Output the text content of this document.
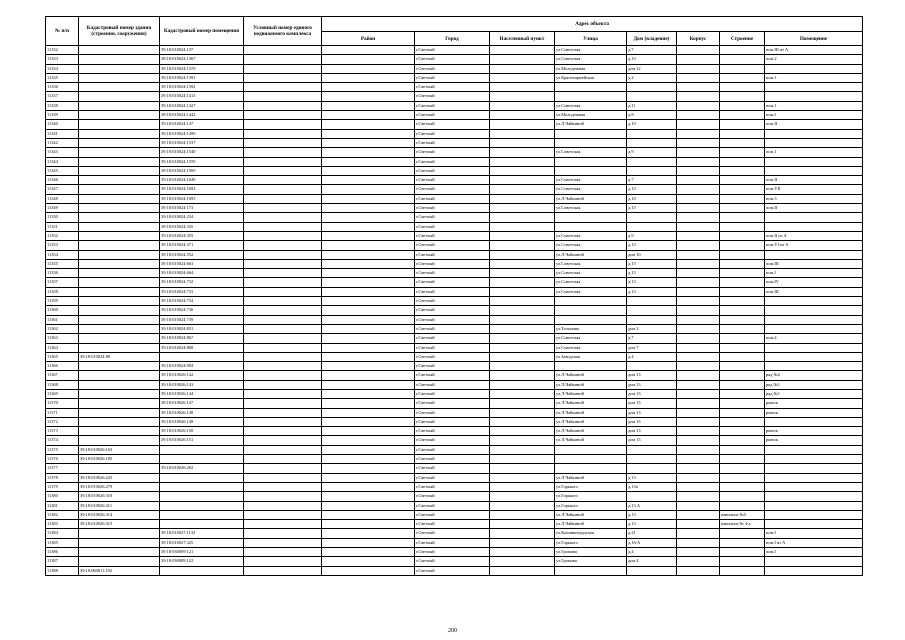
№ п/п	Кадастровый номер здания (строения, сооружения)	Кадастровый номер помещения	Условный номер единого недвижимого комплекса	Адрес объекта							
				Район	Город	Населенный пункт	Улица	Дом (владение)	Корпус	Строение	Помещение
11332		39:18:010024:137			г.Светлый		ул.Советская	д.7			пом.III из А
11333		39:18:010024:1367			г.Светлый		ул.Советская	д.15			пом.2
11334		39:18:010024:1370			г.Светлый		ул.Молодежная	дом 12			
11335		39:18:010024:1391			г.Светлый		ул.Красноармейская	д.2			пом.1
11336		39:18:010024:1392			г.Светлый						
11337		39:18:010024:1413			г.Светлый						
11338		39:18:010024:1427			г.Светлый		ул.Советская	д.11			пом.1
11339		39:18:010024:1442			г.Светлый		ул.Молодежная	д.8			пом.I
11340		39:18:010024:147			г.Светлый		ул.Л.Чайкиной	д.10			пом.II
11341		39:18:010024:1499			г.Светлый						
11342		39:18:010024:1537			г.Светлый						
11343		39:18:010024:1540			г.Светлый		ул.Советская	д.9			пом.1
11344		39:18:010024:1559			г.Светлый						
11345		39:18:010024:1569			г.Светлый						
11346		39:18:010024:1649			г.Светлый		ул.Советская	д.7			пом.II
11347		39:18:010024:1692			г.Светлый		ул.Советская	д.13			пом.VII
11348		39:18:010024:1695			г.Светлый		ул.Л.Чайкиной	д.10			пом.3
11349		39:18:010024:173			г.Светлый		ул.Советская	д.15			пом.II
11350		39:18:010024:234			г.Светлый						
11351		39:18:010024:335			г.Светлый						
11352		39:18:010024:355			г.Светлый		ул.Советская	д.9			пом.II из А
11353		39:18:010024:371			г.Светлый		ул.Советская	д.13			пом.VI из А
11354		39:18:010024:552			г.Светлый		ул.Л.Чайкиной	дом 10			
11355		39:18:010024:663			г.Светлый		ул.Советская	д.15			пом.III
11356		39:18:010024:664			г.Светлый		ул.Советская	д.15			пом.I
11357		39:18:010024:732			г.Светлый		ул.Советская	д.13			пом.IV
11358		39:18:010024:733			г.Светлый		ул.Советская	д.13			пом.III
11359		39:18:010024:734			г.Светлый						
11360		39:18:010024:736			г.Светлый						
11361		39:18:010024:739			г.Светлый						
11362		39:18:010024:831			г.Светлый		ул.Тельмана	дом 2			
11363		39:18:010024:867			г.Светлый		ул.Советская	д.7			пом.4
11364		39:18:010024:868			г.Светлый		ул.Советская	дом 7			
11365	39:18:010024:88				г.Светлый		ул.Заводская	д.4			
11366		39:18:010024:904			г.Светлый						
11367		39:18:010026:142			г.Светлый		ул.Л.Чайкиной	дом 13			ряд №2
11368		39:18:010026:143			г.Светлый		ул.Л.Чайкиной	дом 13			ряд №1
11369		39:18:010026:144			г.Светлый		ул.Л.Чайкиной	дом 13			ряд №1
11370		39:18:010026:147			г.Светлый		ул.Л.Чайкиной	дом 13			рынок
11371		39:18:010026:148			г.Светлый		ул.Л.Чайкиной	дом 13			рынок
11372		39:18:010026:149			г.Светлый		ул.Л.Чайкиной	дом 13			
11373		39:18:010026:150			г.Светлый		ул.Л.Чайкиной	дом 13			рынок
11374		39:18:010026:151			г.Светлый		ул.Л.Чайкиной	дом 13			рынок
11375	39:18:010026:163				г.Светлый						
11376	39:18:010026:185				г.Светлый						
11377		39:18:010026:202			г.Светлый						
11378	39:18:010026:225				г.Светлый		ул.Л.Чайкиной	д.13			
11379	39:18:010026:279				г.Светлый		ул.Горького	д.13а			
11380	39:18:010026:310				г.Светлый		ул.Горького				
11381	39:18:010026:311				г.Светлый		ул.Горького	д.13 А			
11382	39:18:010026:314				г.Светлый		ул.Л.Чайкиной	д.13		павильон №5	
11383	39:18:010026:315				г.Светлый		ул.Л.Чайкиной	д.13		павильон № 4-а	
11384		39:18:010027:1133			г.Светлый		ул.Калининградская	д.21			пом.I
11385		39:18:010027:325			г.Светлый		ул.Горького	д.16-А			пом.I из А
11386		39:18:030009:121			г.Светлый		ул.Громова	д.4			пом.I
11387		39:18:030009:122			г.Светлый		ул.Громова	дом 4			
11388	39:18:060611:192				г.Светлый						
200
